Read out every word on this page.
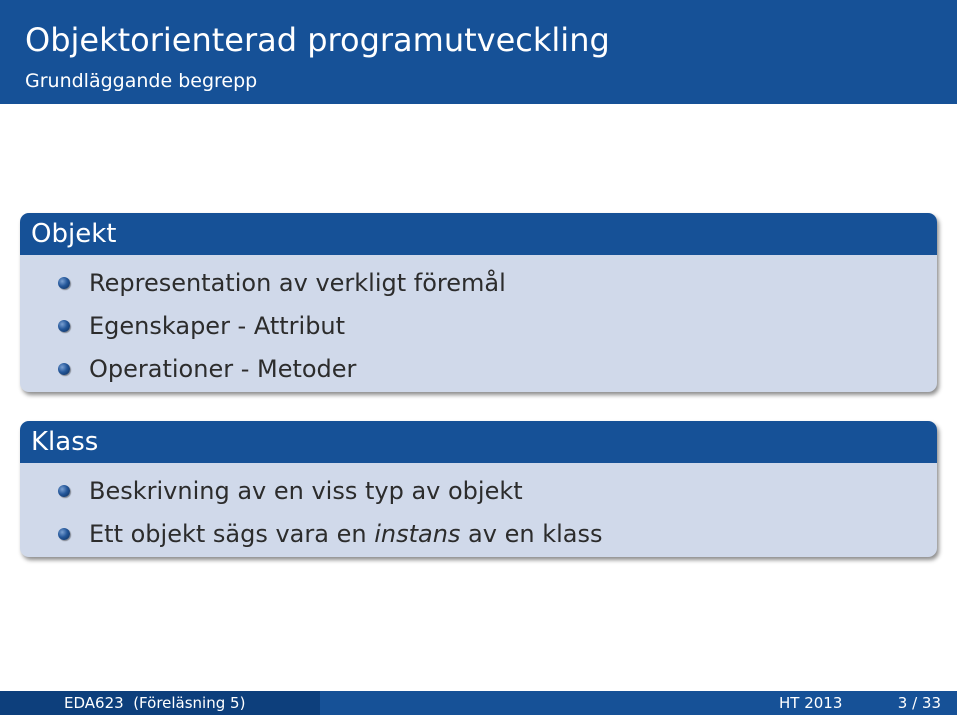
Objektorienterad programutveckling
Grundläggande begrepp
Objekt
Representation av verkligt föremål
Egenskaper - Attribut
Operationer - Metoder
Klass
Beskrivning av en viss typ av objekt
Ett objekt sägs vara en instans av en klass
EDA623  (Föreläsning 5)	HT 2013	3 / 33
